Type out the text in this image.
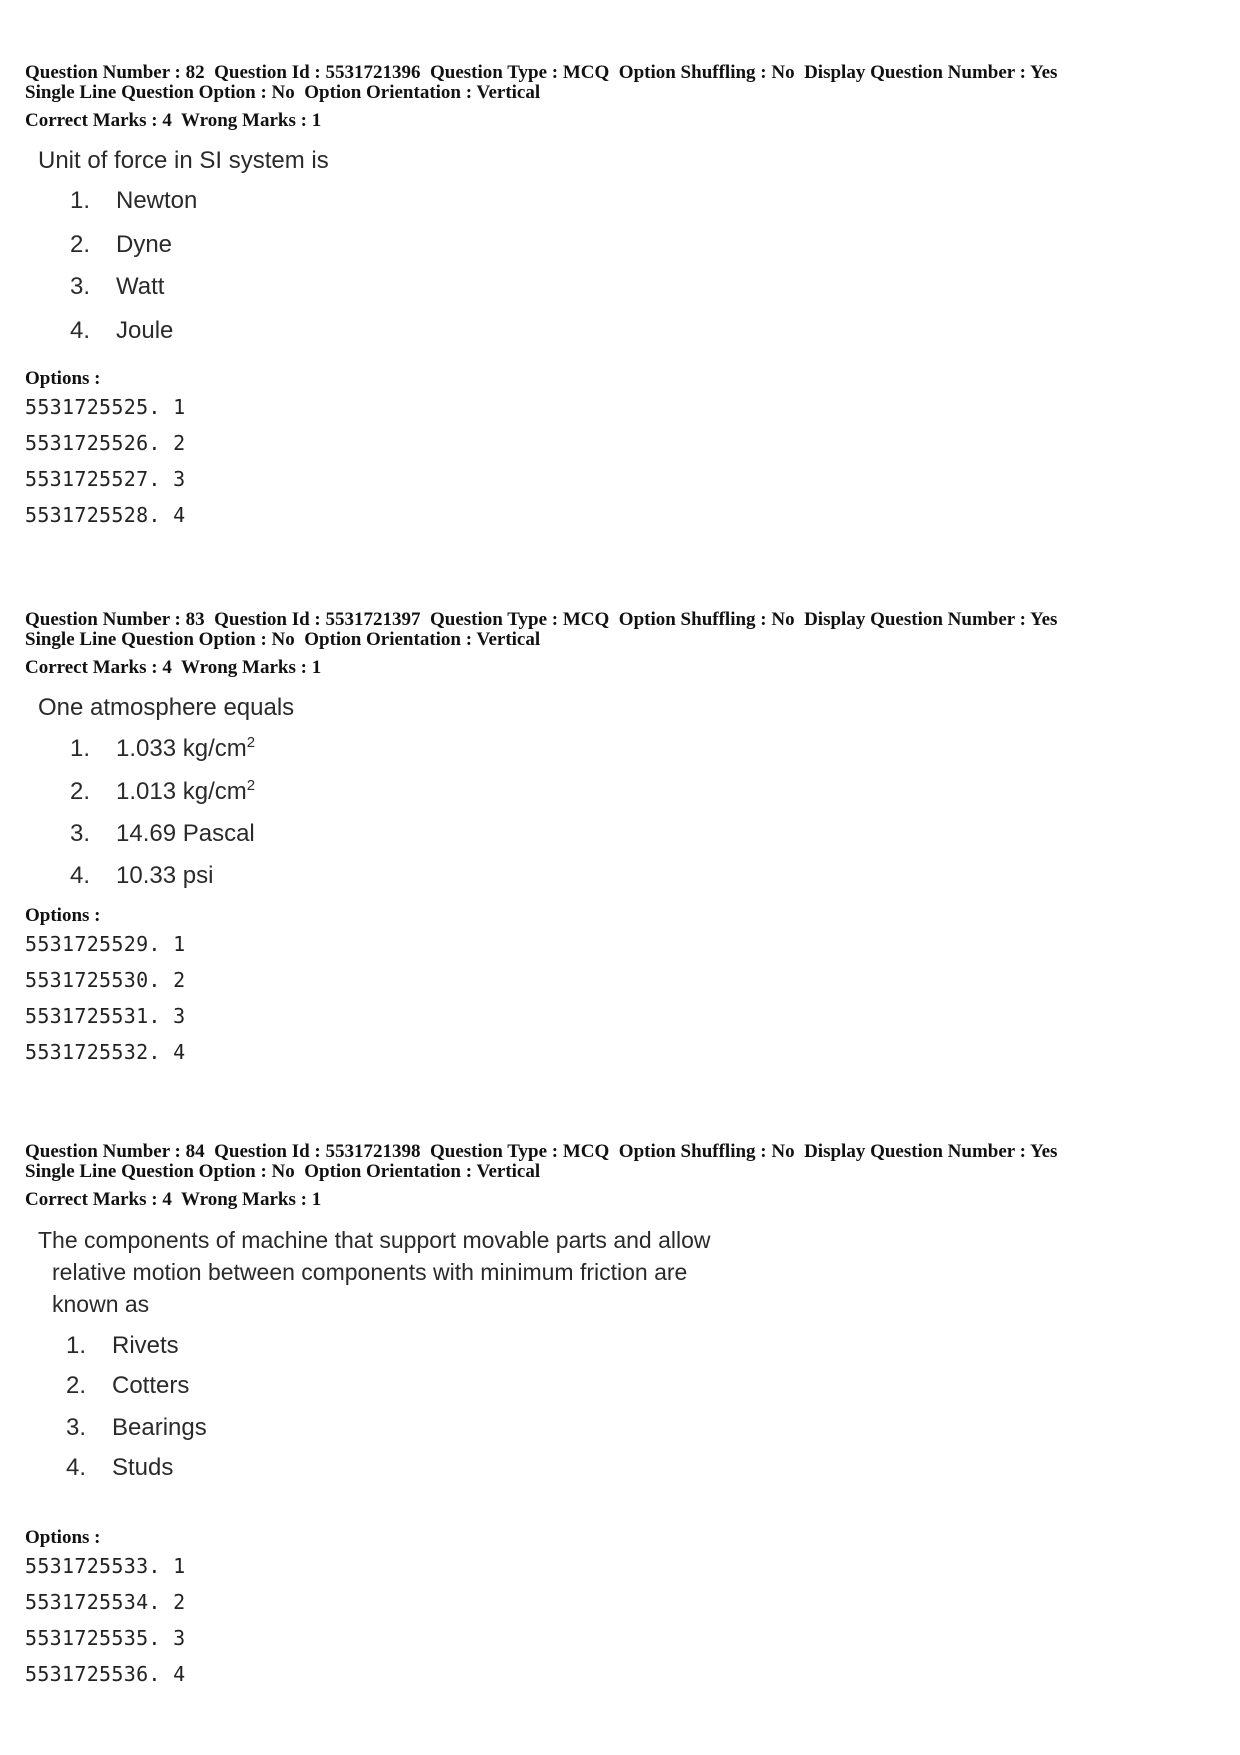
Question Number : 82  Question Id : 5531721396  Question Type : MCQ  Option Shuffling : No  Display Question Number : Yes

Single Line Question Option : No  Option Orientation : Vertical

Correct Marks : 4  Wrong Marks : 1

Unit of force in SI system is
1.	Newton
2.	Dyne
3.	Watt
4.	Joule

Options :

5531725525. 1
5531725526. 2
5531725527. 3
5531725528. 4

Question Number : 83  Question Id : 5531721397  Question Type : MCQ  Option Shuffling : No  Display Question Number : Yes

Single Line Question Option : No  Option Orientation : Vertical

Correct Marks : 4  Wrong Marks : 1

One atmosphere equals
1.	1.033 $kg/cm^2$
2.	1.013 $kg/cm^2$
3.	14.69 Pascal
4.	10.33 psi

Options :

5531725529. 1
5531725530. 2
5531725531. 3
5531725532. 4

Question Number : 84  Question Id : 5531721398  Question Type : MCQ  Option Shuffling : No  Display Question Number : Yes

Single Line Question Option : No  Option Orientation : Vertical

Correct Marks : 4  Wrong Marks : 1

The components of machine that support movable parts and allow
relative motion between components with minimum friction are
known as
1.	Rivets
2.	Cotters
3.	Bearings
4.	Studs

Options :

5531725533. 1
5531725534. 2
5531725535. 3
5531725536. 4
